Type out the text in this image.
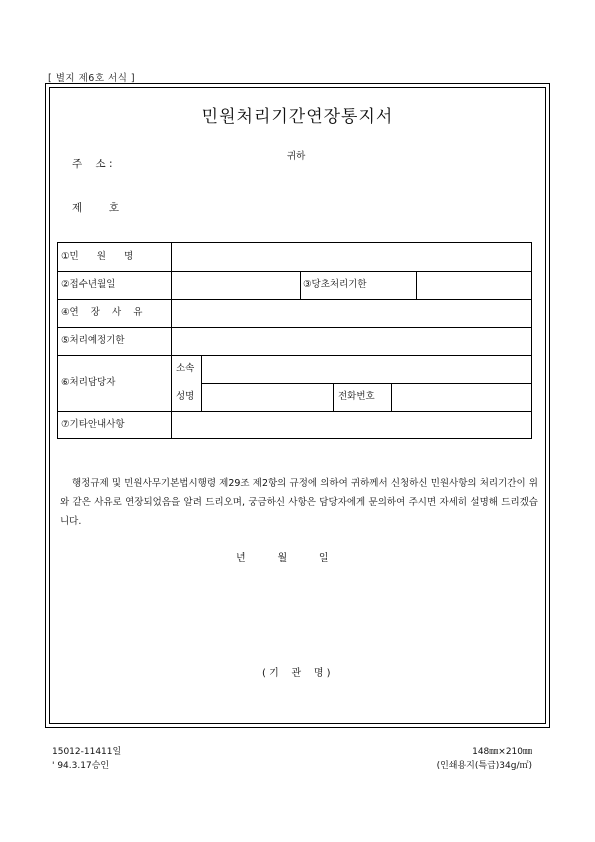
[ 별지 제6호 서식 ]
민원처리기간연장통지서
귀하
주    소 :
제        호
①민      원      명
②접수년월일	③당초처리기한
④연    장    사    유
⑤처리예정기한
⑥처리담당자
소속
성명	전화번호
⑦기타안내사항
행정규제 및 민원사무기본법시행령 제29조 제2항의 규정에 의하여 귀하께서 신청하신 민원사항의 처리기간이 위와 같은 사유로 연장되었음을 알려 드리오며, 궁금하신 사항은 담당자에게 문의하여 주시면 자세히 설명해 드리겠습니다.
년          월          일
( 기    관    명 )
15012-11411일
' 94.3.17승인
148㎜×210㎜
(인쇄용지(특급)34g/㎡)
